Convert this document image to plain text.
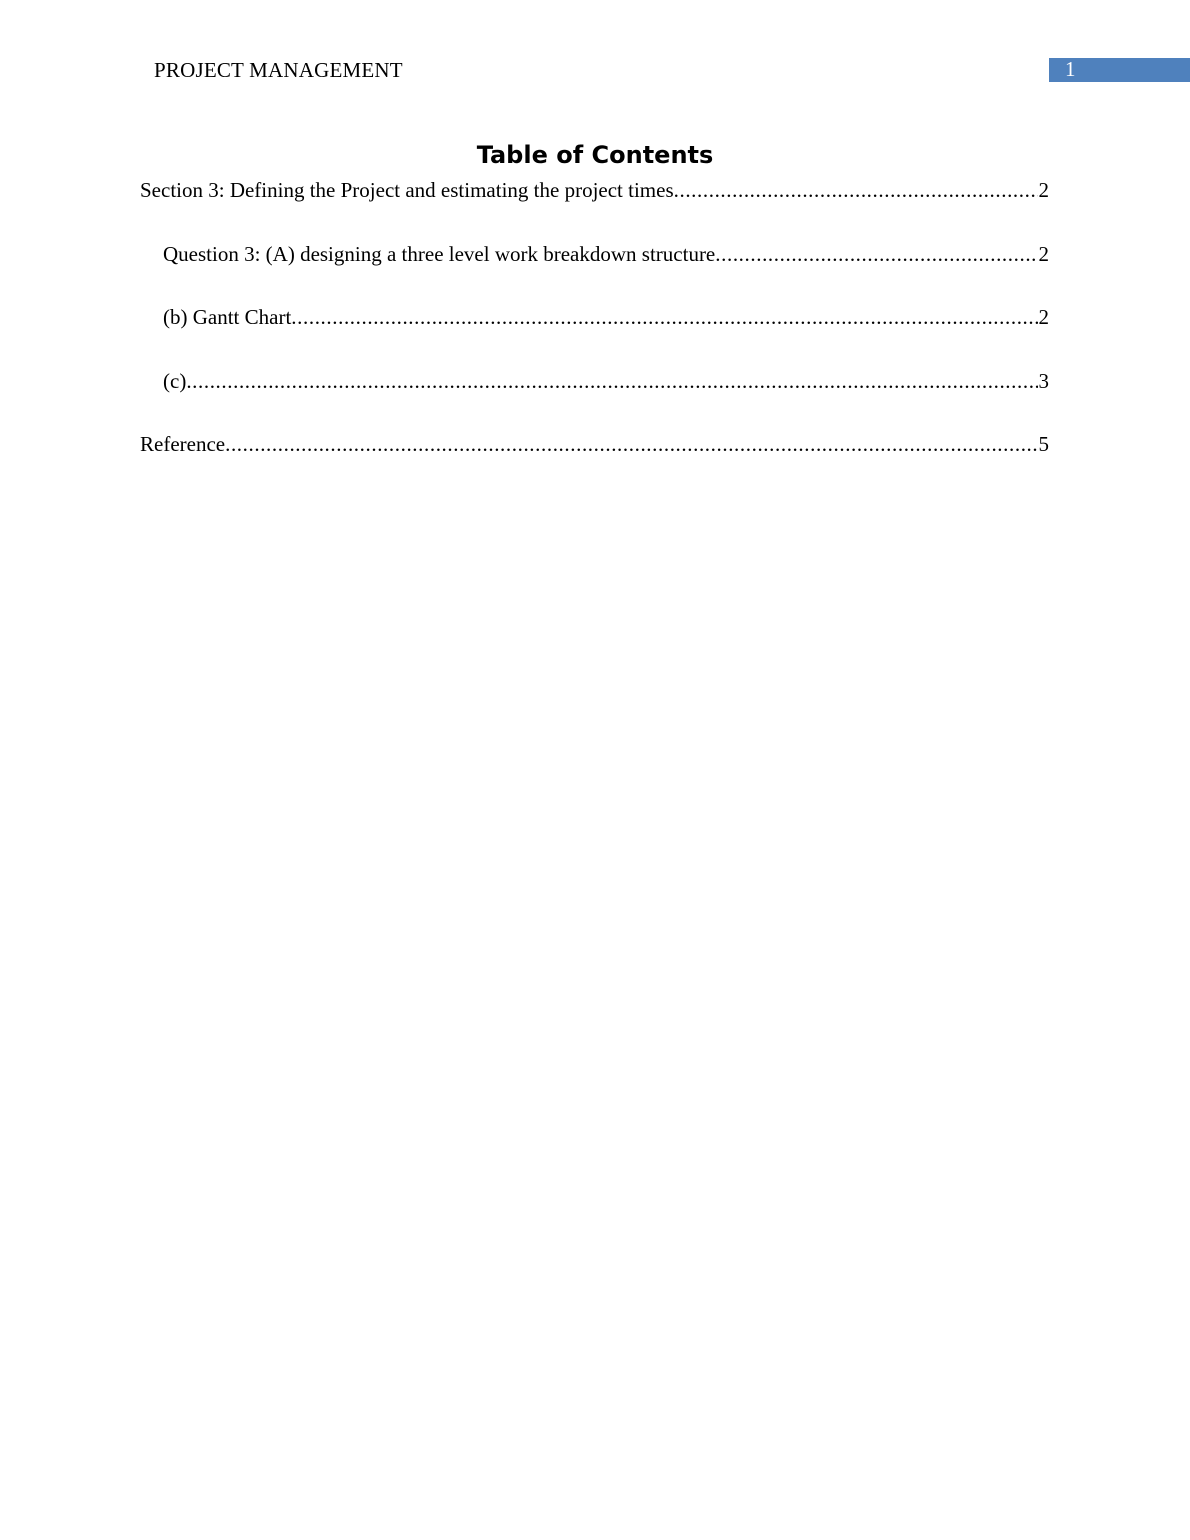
PROJECT MANAGEMENT	1
Table of Contents
Section 3: Defining the Project and estimating the project times .....	2
Question 3: (A) designing a three level work breakdown structure .....	2
(b) Gantt Chart .....	2
(c) .....	3
Reference .....	5
